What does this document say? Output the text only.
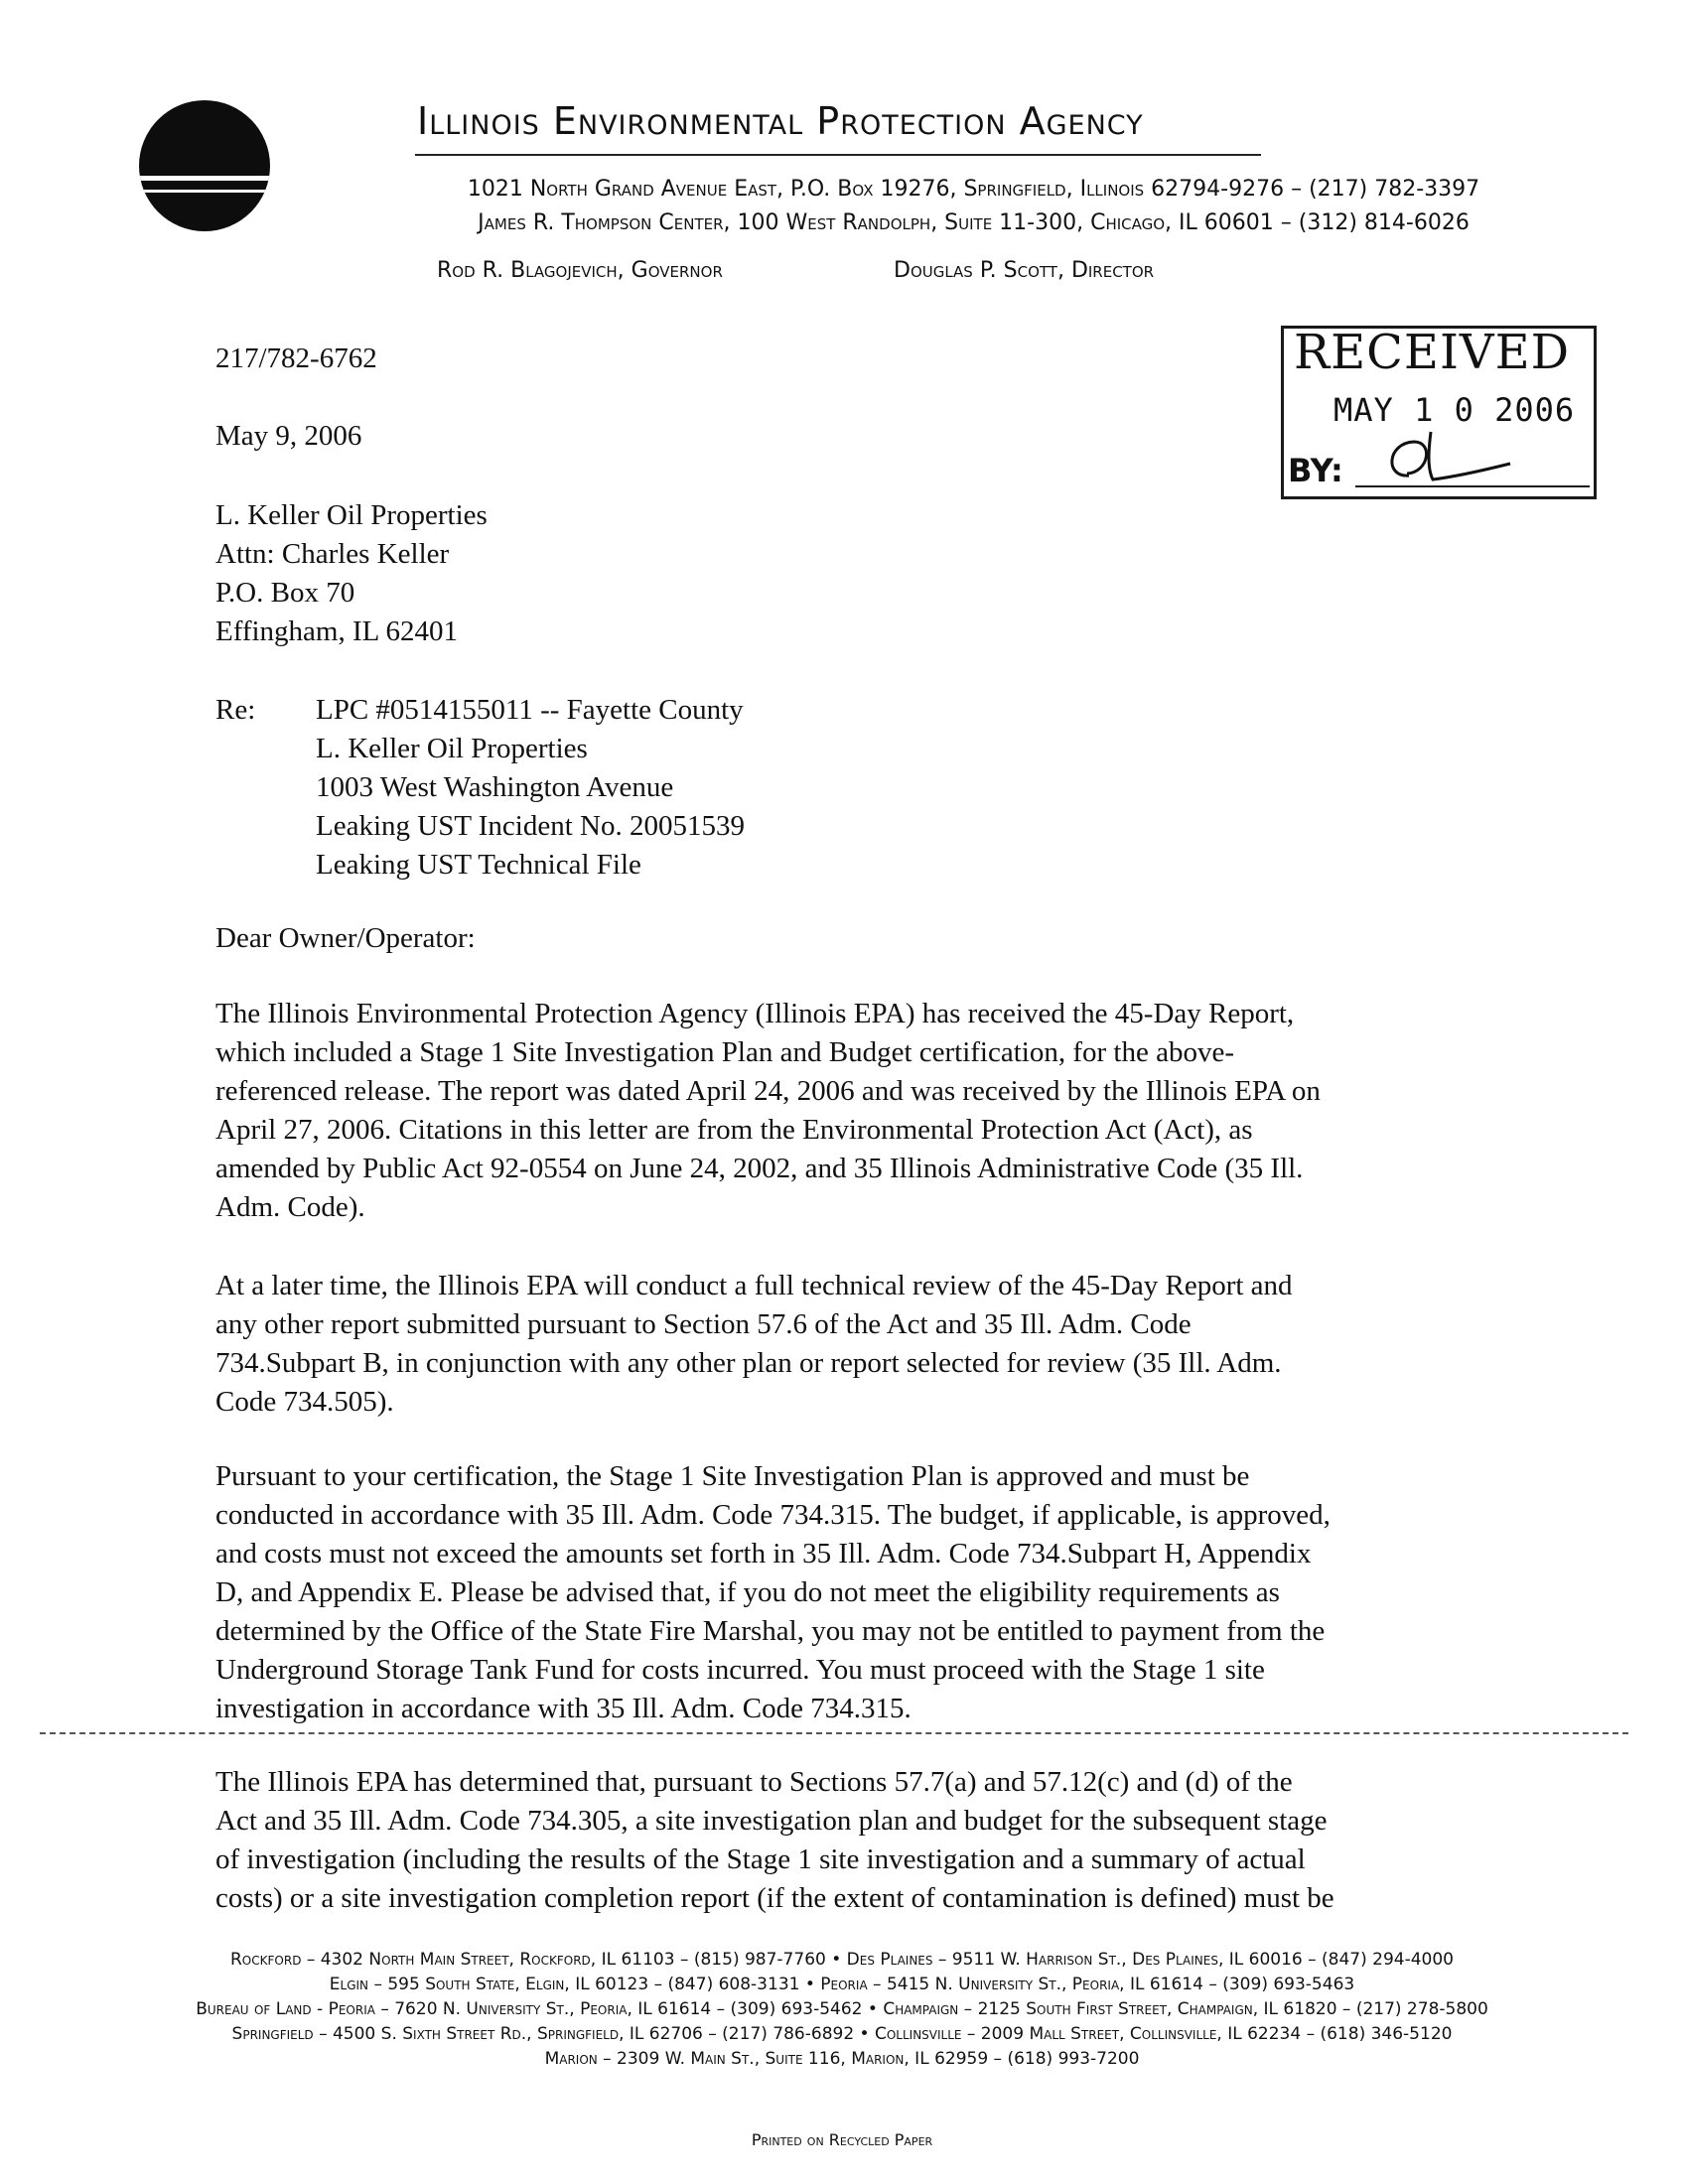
Illinois Environmental Protection Agency
1021 North Grand Avenue East, P.O. Box 19276, Springfield, Illinois 62794-9276 – (217) 782-3397
James R. Thompson Center, 100 West Randolph, Suite 11-300, Chicago, IL 60601 – (312) 814-6026
Rod R. Blagojevich, Governor	Douglas P. Scott, Director
RECEIVED
MAY 1 0 2006
BY:
217/782-6762
May 9, 2006
L. Keller Oil Properties
Attn: Charles Keller
P.O. Box 70
Effingham, IL 62401
Re: LPC #0514155011 -- Fayette County
L. Keller Oil Properties
1003 West Washington Avenue
Leaking UST Incident No. 20051539
Leaking UST Technical File
Dear Owner/Operator:
The Illinois Environmental Protection Agency (Illinois EPA) has received the 45-Day Report,
which included a Stage 1 Site Investigation Plan and Budget certification, for the above-
referenced release. The report was dated April 24, 2006 and was received by the Illinois EPA on
April 27, 2006. Citations in this letter are from the Environmental Protection Act (Act), as
amended by Public Act 92-0554 on June 24, 2002, and 35 Illinois Administrative Code (35 Ill.
Adm. Code).
At a later time, the Illinois EPA will conduct a full technical review of the 45-Day Report and
any other report submitted pursuant to Section 57.6 of the Act and 35 Ill. Adm. Code
734.Subpart B, in conjunction with any other plan or report selected for review (35 Ill. Adm.
Code 734.505).
Pursuant to your certification, the Stage 1 Site Investigation Plan is approved and must be
conducted in accordance with 35 Ill. Adm. Code 734.315. The budget, if applicable, is approved,
and costs must not exceed the amounts set forth in 35 Ill. Adm. Code 734.Subpart H, Appendix
D, and Appendix E. Please be advised that, if you do not meet the eligibility requirements as
determined by the Office of the State Fire Marshal, you may not be entitled to payment from the
Underground Storage Tank Fund for costs incurred. You must proceed with the Stage 1 site
investigation in accordance with 35 Ill. Adm. Code 734.315.
The Illinois EPA has determined that, pursuant to Sections 57.7(a) and 57.12(c) and (d) of the
Act and 35 Ill. Adm. Code 734.305, a site investigation plan and budget for the subsequent stage
of investigation (including the results of the Stage 1 site investigation and a summary of actual
costs) or a site investigation completion report (if the extent of contamination is defined) must be
Rockford – 4302 North Main Street, Rockford, IL 61103 – (815) 987-7760 • Des Plaines – 9511 W. Harrison St., Des Plaines, IL 60016 – (847) 294-4000
Elgin – 595 South State, Elgin, IL 60123 – (847) 608-3131 • Peoria – 5415 N. University St., Peoria, IL 61614 – (309) 693-5463
Bureau of Land - Peoria – 7620 N. University St., Peoria, IL 61614 – (309) 693-5462 • Champaign – 2125 South First Street, Champaign, IL 61820 – (217) 278-5800
Springfield – 4500 S. Sixth Street Rd., Springfield, IL 62706 – (217) 786-6892 • Collinsville – 2009 Mall Street, Collinsville, IL 62234 – (618) 346-5120
Marion – 2309 W. Main St., Suite 116, Marion, IL 62959 – (618) 993-7200
Printed on Recycled Paper
